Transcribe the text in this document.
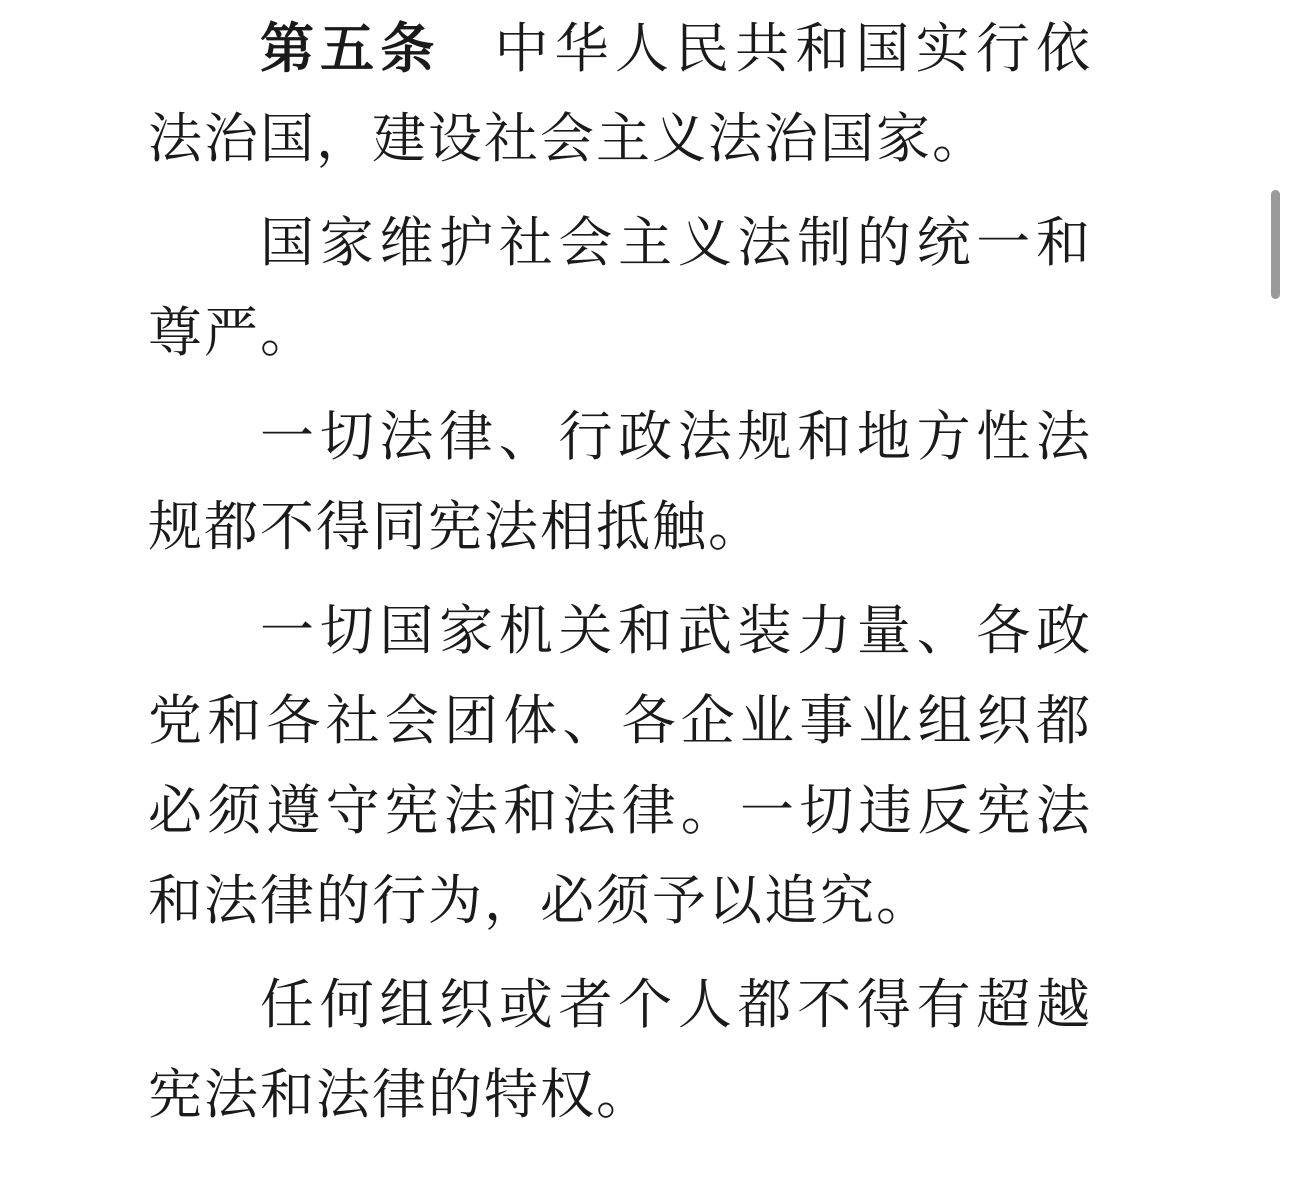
第五条 中华人民共和国实行依法治国，建设社会主义法治国家。

国家维护社会主义法制的统一和尊严。

一切法律、行政法规和地方性法规都不得同宪法相抵触。

一切国家机关和武装力量、各政党和各社会团体、各企业事业组织都必须遵守宪法和法律。一切违反宪法和法律的行为，必须予以追究。

任何组织或者个人都不得有超越宪法和法律的特权。
